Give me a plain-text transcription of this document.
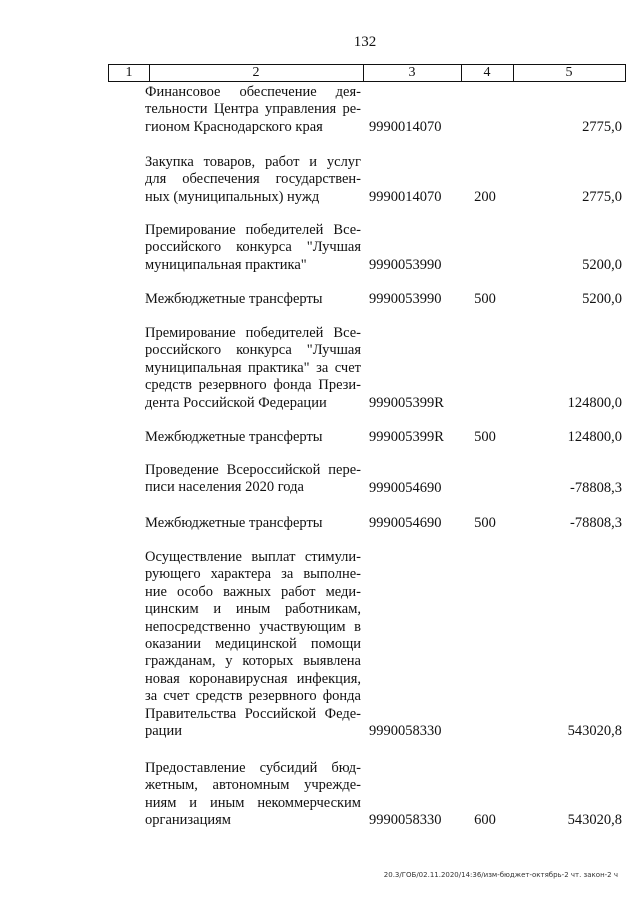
132
1	2	3	4	5
Финансовое обеспечение дея-
тельности Центра управления ре-
гионом Краснодарского края	9990014070	2775,0
Закупка товаров, работ и услуг
для обеспечения государствен-
ных (муниципальных) нужд	9990014070	200	2775,0
Премирование победителей Все-
российского конкурса "Лучшая
муниципальная практика"	9990053990	5200,0
Межбюджетные трансферты	9990053990	500	5200,0
Премирование победителей Все-
российского конкурса "Лучшая
муниципальная практика" за счет
средств резервного фонда Прези-
дента Российской Федерации	999005399R	124800,0
Межбюджетные трансферты	999005399R	500	124800,0
Проведение Всероссийской пере-
писи населения 2020 года	9990054690	-78808,3
Межбюджетные трансферты	9990054690	500	-78808,3
Осуществление выплат стимули-
рующего характера за выполне-
ние особо важных работ меди-
цинским и иным работникам,
непосредственно участвующим в
оказании медицинской помощи
гражданам, у которых выявлена
новая коронавирусная инфекция,
за счет средств резервного фонда
Правительства Российской Феде-
рации	9990058330	543020,8
Предоставление субсидий бюд-
жетным, автономным учрежде-
ниям и иным некоммерческим
организациям	9990058330	600	543020,8
20.3/ГОБ/02.11.2020/14:36/изм-бюджет-октябрь-2 чт. закон-2 ч
